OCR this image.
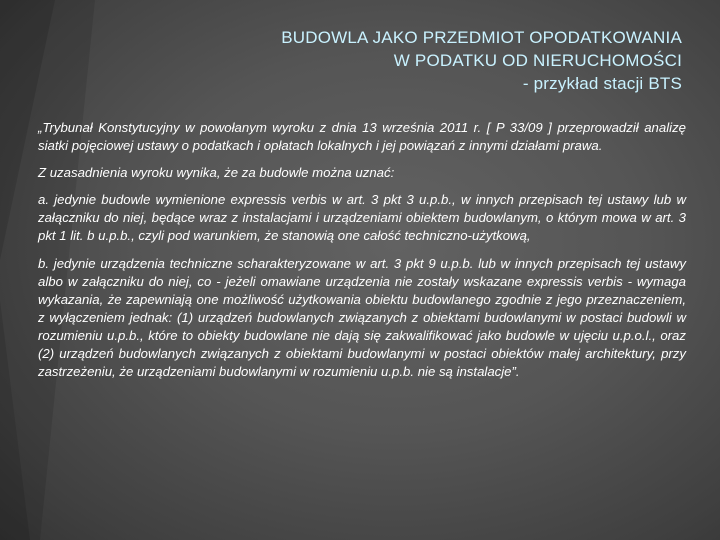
BUDOWLA JAKO PRZEDMIOT OPODATKOWANIA
W PODATKU OD NIERUCHOMOŚCI
- przykład stacji BTS

„Trybunał Konstytucyjny w powołanym wyroku z dnia 13 września 2011 r. [ P 33/09 ] przeprowadził analizę siatki pojęciowej ustawy o podatkach i opłatach lokalnych i jej powiązań z innymi działami prawa.

Z uzasadnienia wyroku wynika, że za budowle można uznać:

a. jedynie budowle wymienione expressis verbis w art. 3 pkt 3 u.p.b., w innych przepisach tej ustawy lub w załączniku do niej, będące wraz z instalacjami i urządzeniami obiektem budowlanym, o którym mowa w art. 3 pkt 1 lit. b u.p.b., czyli pod warunkiem, że stanowią one całość techniczno-użytkową,

b. jedynie urządzenia techniczne scharakteryzowane w art. 3 pkt 9 u.p.b. lub w innych przepisach tej ustawy albo w załączniku do niej, co - jeżeli omawiane urządzenia nie zostały wskazane expressis verbis - wymaga wykazania, że zapewniają one możliwość użytkowania obiektu budowlanego zgodnie z jego przeznaczeniem, z wyłączeniem jednak: (1) urządzeń budowlanych związanych z obiektami budowlanymi w postaci budowli w rozumieniu u.p.b., które to obiekty budowlane nie dają się zakwalifikować jako budowle w ujęciu u.p.o.l., oraz (2) urządzeń budowlanych związanych z obiektami budowlanymi w postaci obiektów małej architektury, przy zastrzeżeniu, że urządzeniami budowlanymi w rozumieniu u.p.b. nie są instalacje”.
